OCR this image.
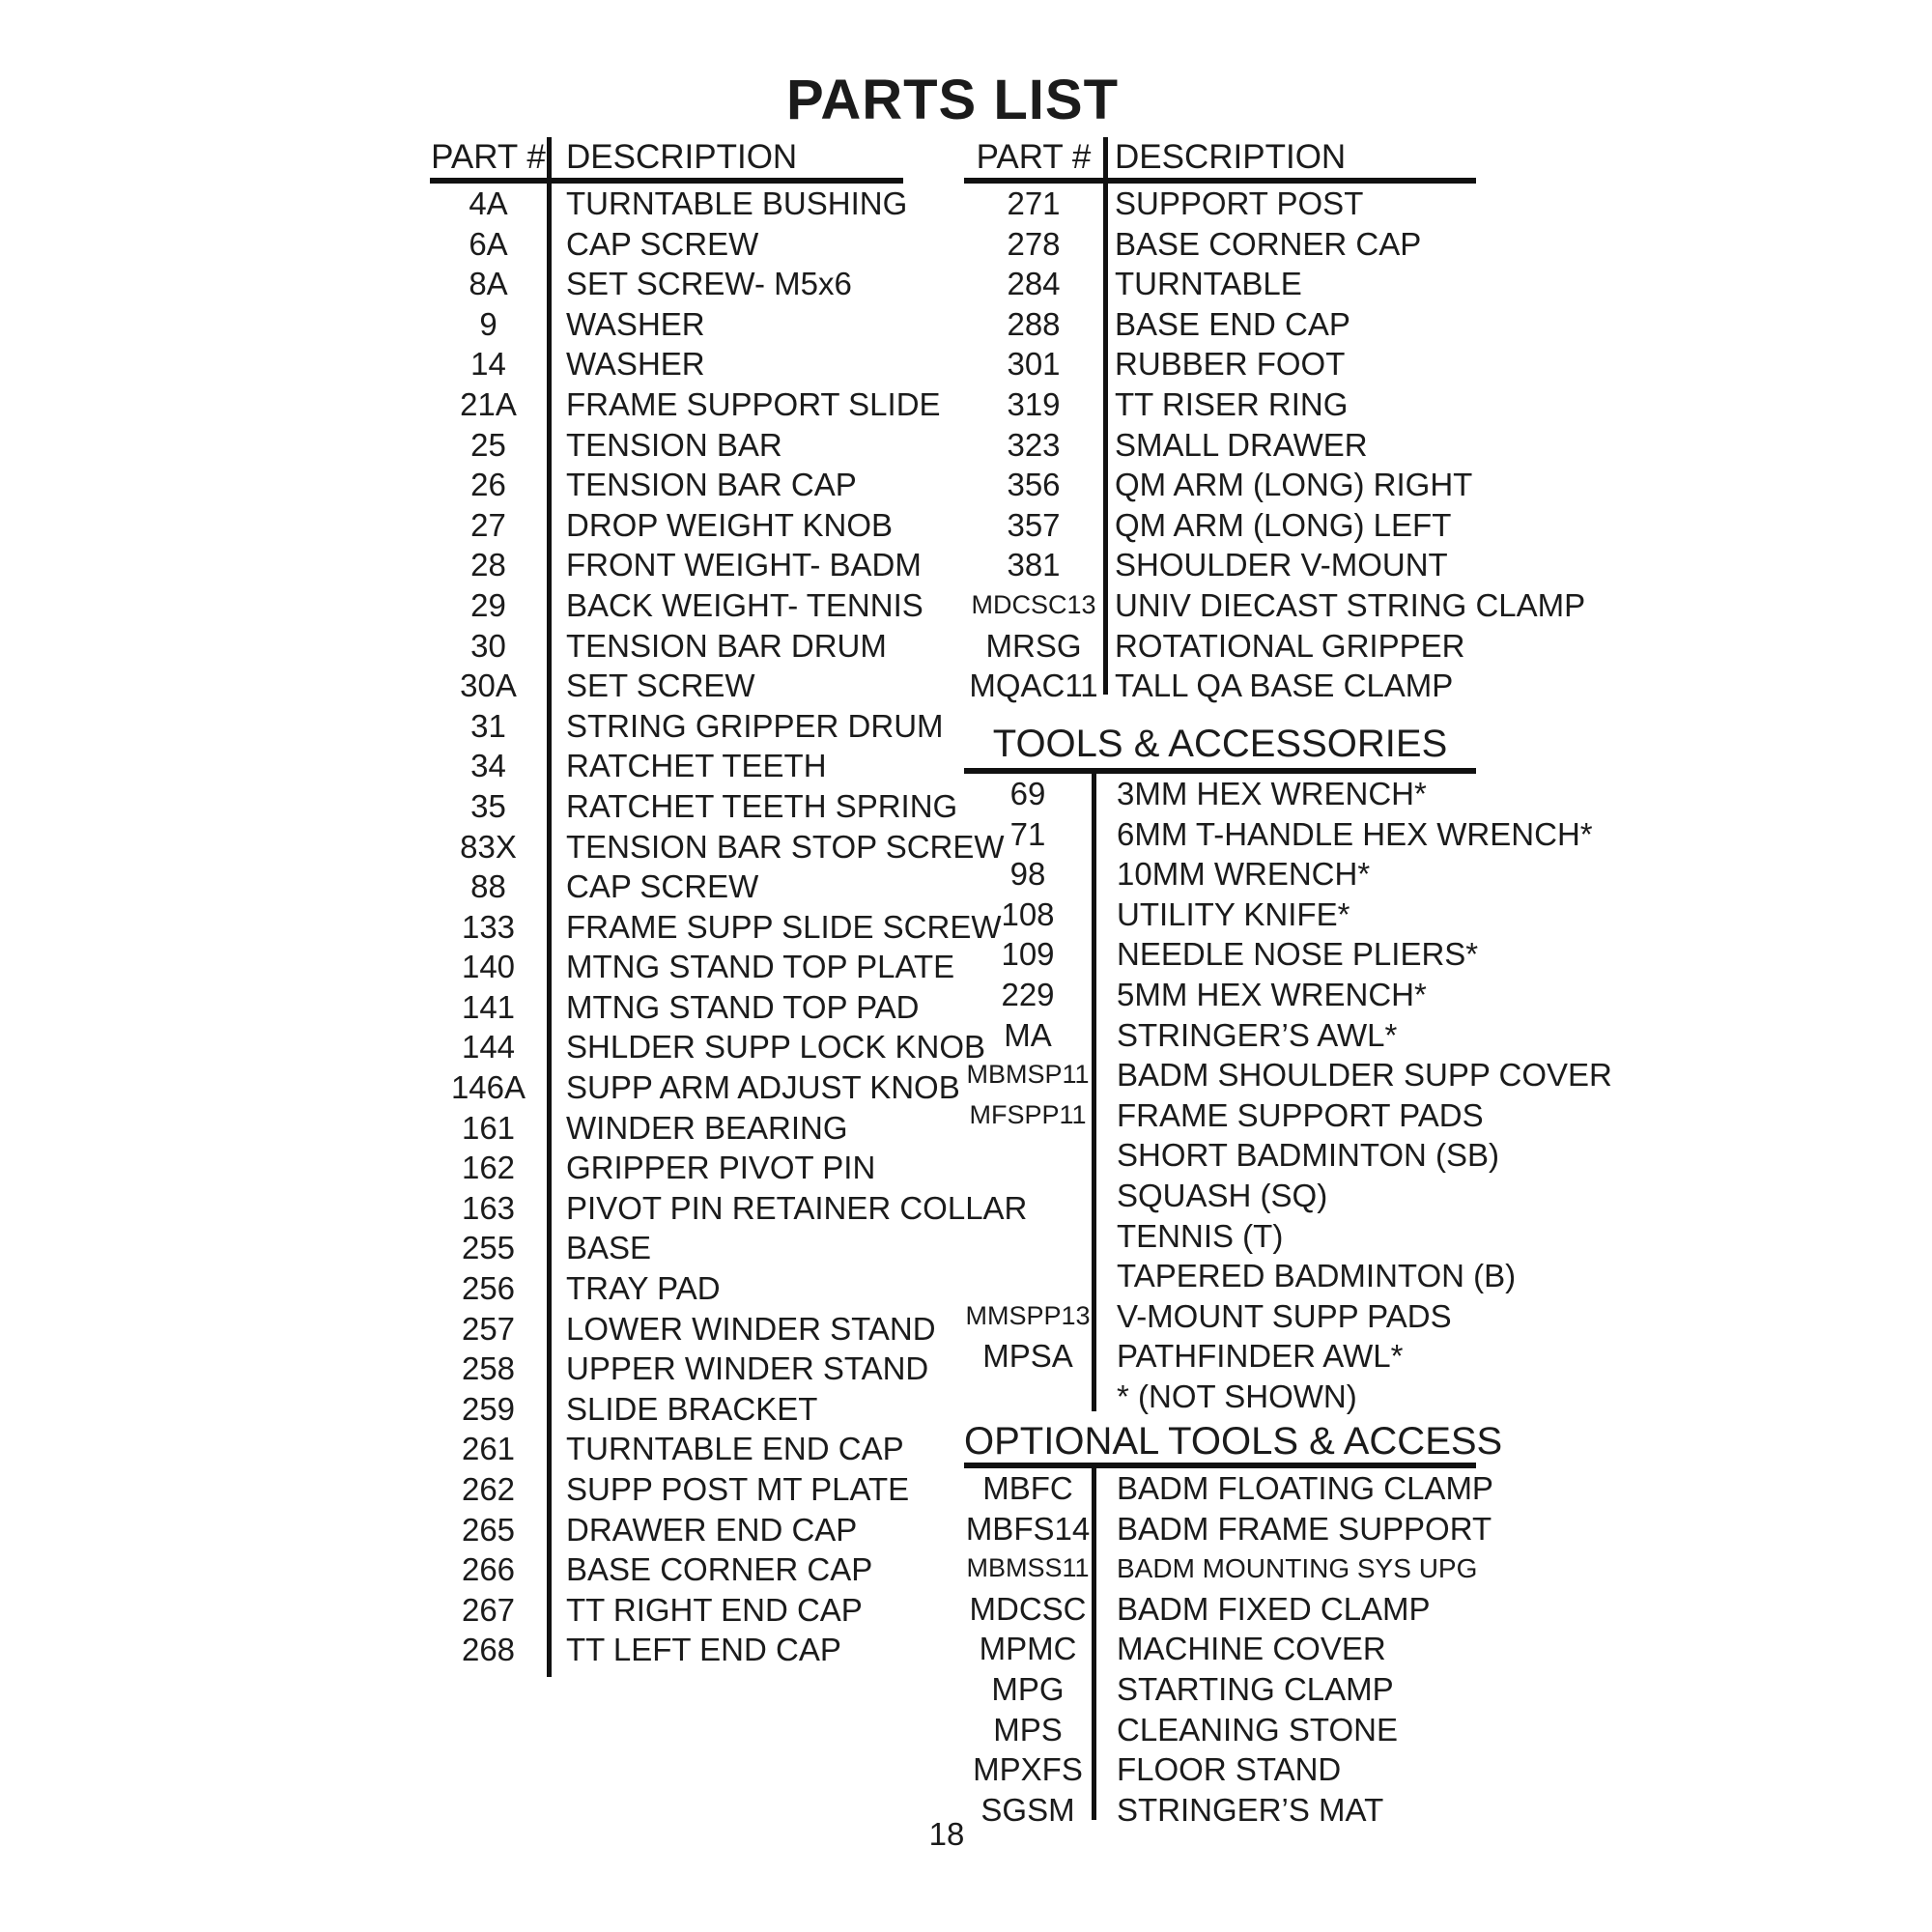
PARTS LIST
PART # DESCRIPTION
4A	TURNTABLE BUSHING
6A	CAP SCREW
8A	SET SCREW- M5x6
9	WASHER
14	WASHER
21A	FRAME SUPPORT SLIDE
25	TENSION BAR
26	TENSION BAR CAP
27	DROP WEIGHT KNOB
28	FRONT WEIGHT- BADM
29	BACK WEIGHT- TENNIS
30	TENSION BAR DRUM
30A	SET SCREW
31	STRING GRIPPER DRUM
34	RATCHET TEETH
35	RATCHET TEETH SPRING
83X	TENSION BAR STOP SCREW
88	CAP SCREW
133	FRAME SUPP SLIDE SCREW
140	MTNG STAND TOP PLATE
141	MTNG STAND TOP PAD
144	SHLDER SUPP LOCK KNOB
146A	SUPP ARM ADJUST KNOB
161	WINDER BEARING
162	GRIPPER PIVOT PIN
163	PIVOT PIN RETAINER COLLAR
255	BASE
256	TRAY PAD
257	LOWER WINDER STAND
258	UPPER WINDER STAND
259	SLIDE BRACKET
261	TURNTABLE END CAP
262	SUPP POST MT PLATE
265	DRAWER END CAP
266	BASE CORNER CAP
267	TT RIGHT END CAP
268	TT LEFT END CAP
PART # DESCRIPTION
271	SUPPORT POST
278	BASE CORNER CAP
284	TURNTABLE
288	BASE END CAP
301	RUBBER FOOT
319	TT RISER RING
323	SMALL DRAWER
356	QM ARM (LONG) RIGHT
357	QM ARM (LONG) LEFT
381	SHOULDER V-MOUNT
MDCSC13 UNIV DIECAST STRING CLAMP
MRSG	ROTATIONAL GRIPPER
MQAC11 TALL QA BASE CLAMP
TOOLS & ACCESSORIES
69	3MM HEX WRENCH*
71	6MM T-HANDLE HEX WRENCH*
98	10MM WRENCH*
108	UTILITY KNIFE*
109	NEEDLE NOSE PLIERS*
229	5MM HEX WRENCH*
MA	STRINGER’S AWL*
MBMSP11 BADM SHOULDER SUPP COVER
MFSPP11 FRAME SUPPORT PADS
SHORT BADMINTON (SB)
SQUASH (SQ)
TENNIS (T)
TAPERED BADMINTON (B)
MMSPP13 V-MOUNT SUPP PADS
MPSA	PATHFINDER AWL*
* (NOT SHOWN)
OPTIONAL TOOLS & ACCESS
MBFC	BADM FLOATING CLAMP
MBFS14 BADM FRAME SUPPORT
MBMSS11	BADM MOUNTING SYS UPG
MDCSC BADM FIXED CLAMP
MPMC	MACHINE COVER
MPG	STARTING CLAMP
MPS	CLEANING STONE
MPXFS	FLOOR STAND
SGSM	STRINGER’S MAT
18
